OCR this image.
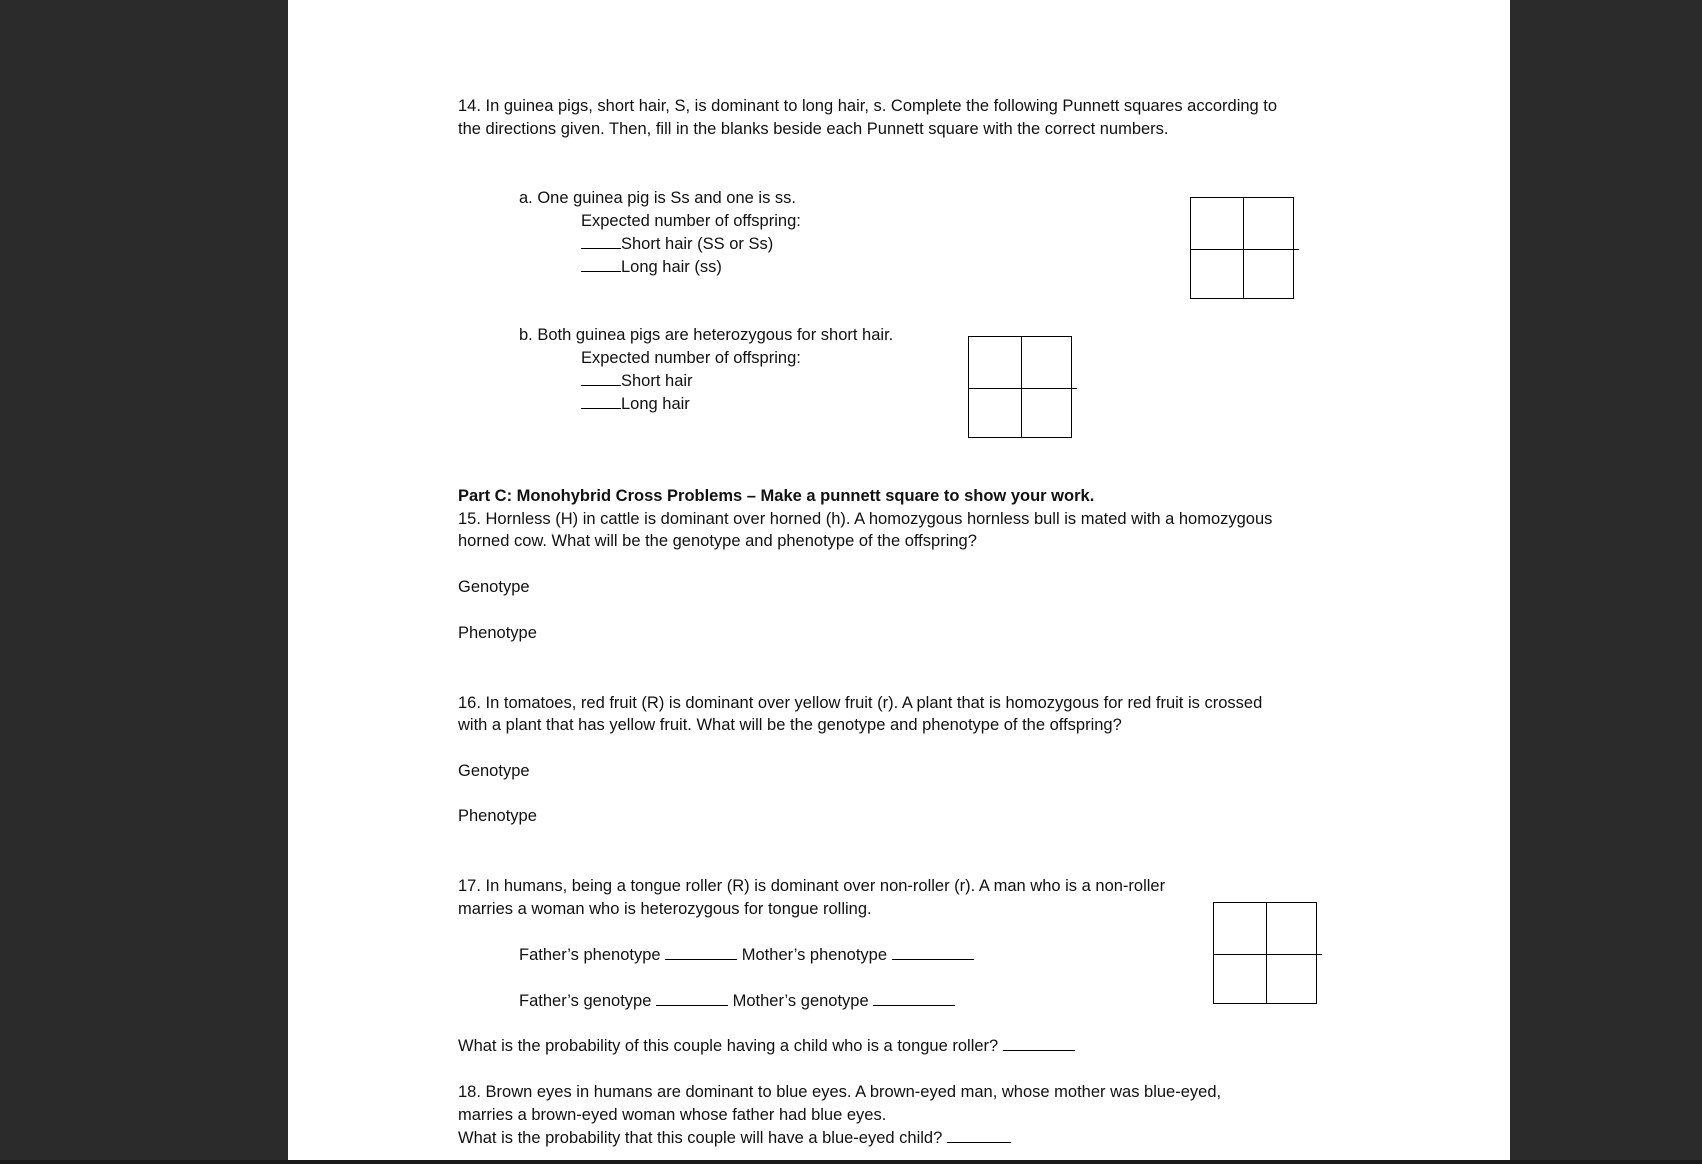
14. In guinea pigs, short hair, S, is dominant to long hair, s. Complete the following Punnett squares according to
the directions given. Then, fill in the blanks beside each Punnett square with the correct numbers.
a. One guinea pig is Ss and one is ss.
Expected number of offspring:
Short hair (SS or Ss)
Long hair (ss)
b. Both guinea pigs are heterozygous for short hair.
Expected number of offspring:
Short hair
Long hair
Part C: Monohybrid Cross Problems – Make a punnett square to show your work.
15. Hornless (H) in cattle is dominant over horned (h). A homozygous hornless bull is mated with a homozygous
horned cow. What will be the genotype and phenotype of the offspring?
Genotype
Phenotype
16. In tomatoes, red fruit (R) is dominant over yellow fruit (r). A plant that is homozygous for red fruit is crossed
with a plant that has yellow fruit. What will be the genotype and phenotype of the offspring?
Genotype
Phenotype
17. In humans, being a tongue roller (R) is dominant over non-roller (r). A man who is a non-roller
marries a woman who is heterozygous for tongue rolling.
Father’s phenotype	Mother’s phenotype
Father’s genotype	Mother’s genotype
What is the probability of this couple having a child who is a tongue roller?
18. Brown eyes in humans are dominant to blue eyes. A brown-eyed man, whose mother was blue-eyed,
marries a brown-eyed woman whose father had blue eyes.
What is the probability that this couple will have a blue-eyed child?
